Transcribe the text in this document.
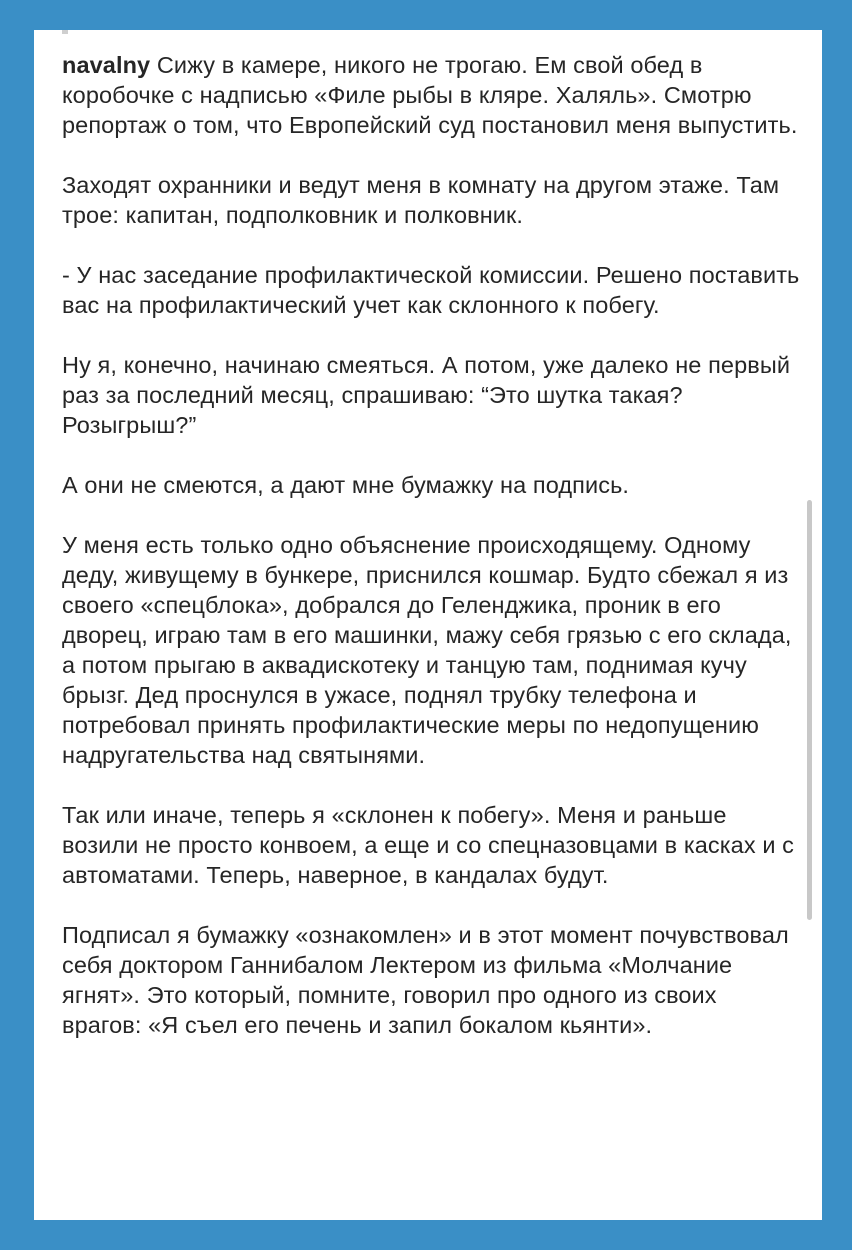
navalny Сижу в камере, никого не трогаю. Ем свой обед в коробочке с надписью «Филе рыбы в кляре. Халяль». Смотрю репортаж о том, что Европейский суд постановил меня выпустить.

Заходят охранники и ведут меня в комнату на другом этаже. Там трое: капитан, подполковник и полковник.

- У нас заседание профилактической комиссии. Решено поставить вас на профилактический учет как склонного к побегу.

Ну я, конечно, начинаю смеяться. А потом, уже далеко не первый раз за последний месяц, спрашиваю: “Это шутка такая? Розыгрыш?”

А они не смеются, а дают мне бумажку на подпись.

У меня есть только одно объяснение происходящему. Одному деду, живущему в бункере, приснился кошмар. Будто сбежал я из своего «спецблока», добрался до Геленджика, проник в его дворец, играю там в его машинки, мажу себя грязью с его склада, а потом прыгаю в аквадискотеку и танцую там, поднимая кучу брызг. Дед проснулся в ужасе, поднял трубку телефона и потребовал принять профилактические меры по недопущению надругательства над святынями.

Так или иначе, теперь я «склонен к побегу». Меня и раньше возили не просто конвоем, а еще и со спецназовцами в касках и с автоматами. Теперь, наверное, в кандалах будут.

Подписал я бумажку «ознакомлен» и в этот момент почувствовал себя доктором Ганнибалом Лектером из фильма «Молчание ягнят». Это который, помните, говорил про одного из своих врагов: «Я съел его печень и запил бокалом кьянти».
